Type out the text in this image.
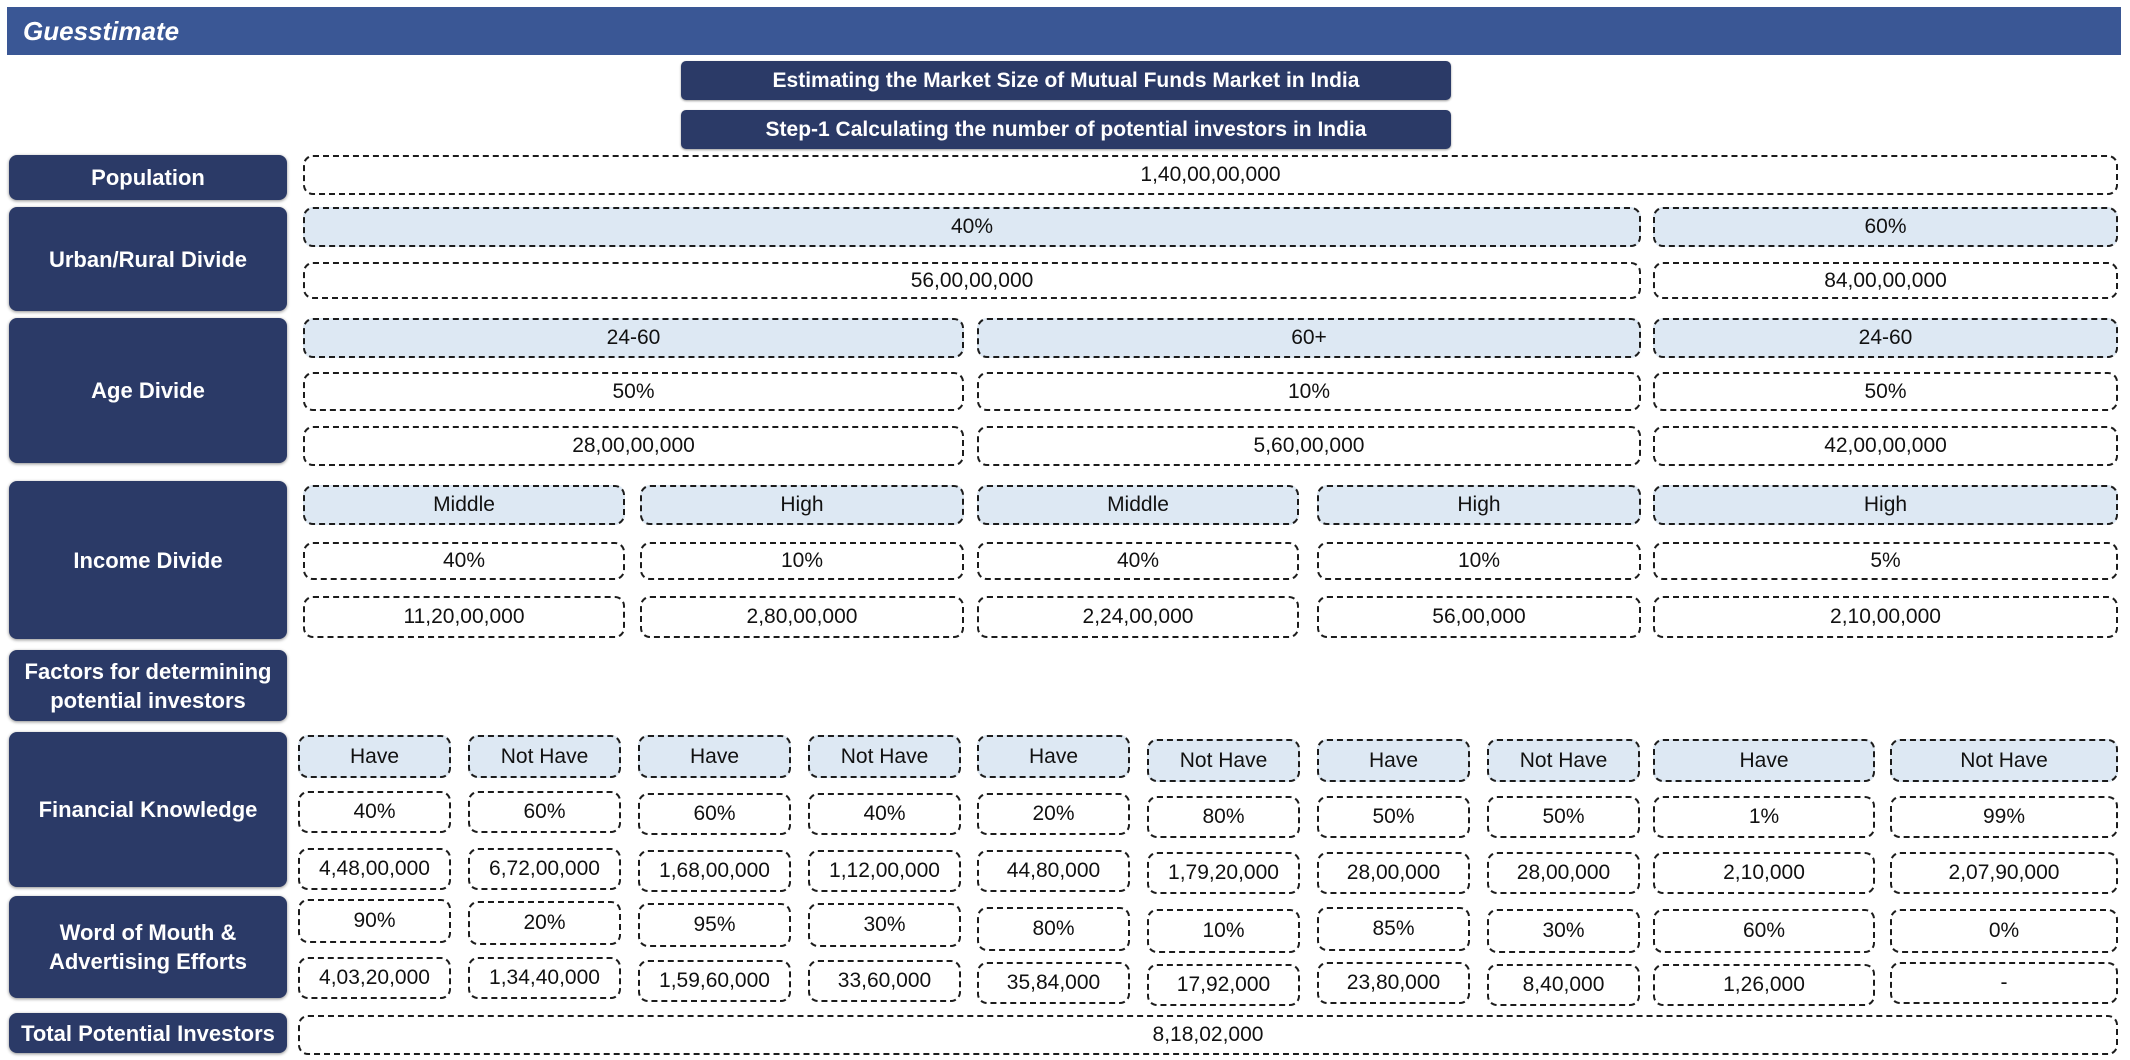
Guesstimate
Estimating the Market Size of Mutual Funds Market in India
Step-1 Calculating the number of potential investors in India
Population
Urban/Rural Divide
Age Divide
Income Divide
Factors for determining potential investors
Financial Knowledge
Word of Mouth & Advertising Efforts
Total Potential Investors
1,40,00,00,000
40%	60%
56,00,00,000	84,00,00,000
24-60	60+	24-60
50%	10%	50%
28,00,00,000	5,60,00,000	42,00,00,000
Middle	High	Middle	High	High
40%	10%	40%	10%	5%
11,20,00,000	2,80,00,000	2,24,00,000	56,00,000	2,10,00,000
Have	Not Have	Have	Not Have	Have	Not Have	Have	Not Have	Have	Not Have
40%	60%	60%	40%	20%	80%	50%	50%	1%	99%
4,48,00,000	6,72,00,000	1,68,00,000	1,12,00,000	44,80,000	1,79,20,000	28,00,000	28,00,000	2,10,000	2,07,90,000
90%	20%	95%	30%	80%	10%	85%	30%	60%	0%
4,03,20,000	1,34,40,000	1,59,60,000	33,60,000	35,84,000	17,92,000	23,80,000	8,40,000	1,26,000	-
8,18,02,000
